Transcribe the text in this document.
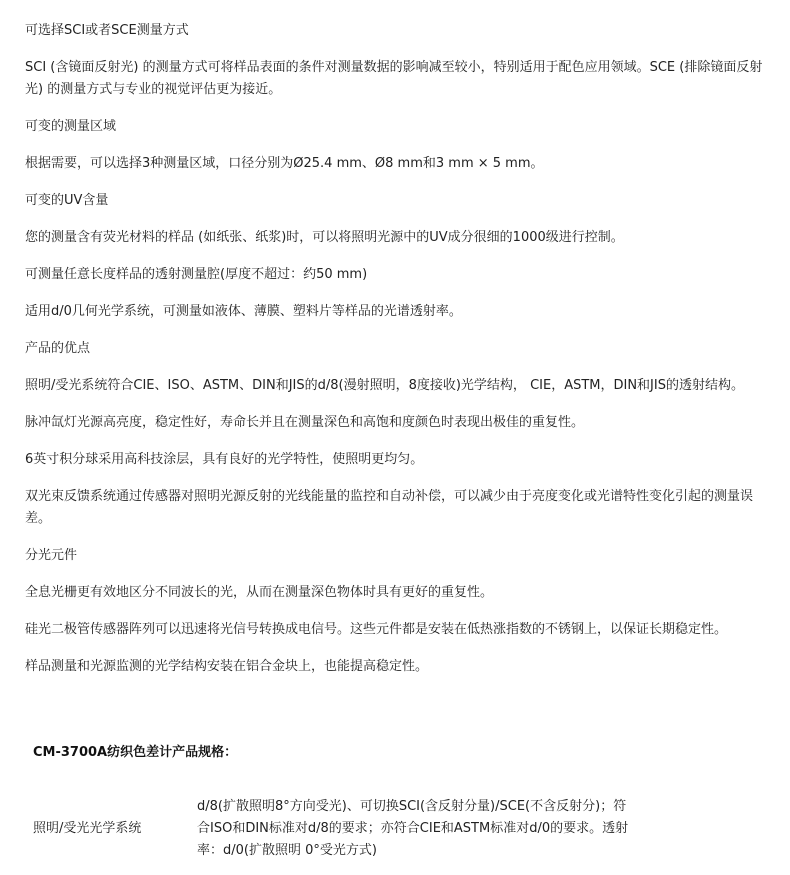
可选择SCI或者SCE测量方式

SCI (含镜面反射光) 的测量方式可将样品表面的条件对测量数据的影响减至较小，特别适用于配色应用领域。SCE (排除镜面反射光) 的测量方式与专业的视觉评估更为接近。

可变的测量区域

根据需要，可以选择3种测量区域，口径分别为Ø25.4 mm、Ø8 mm和3 mm × 5 mm。

可变的UV含量

您的测量含有荧光材料的样品 (如纸张、纸浆)时，可以将照明光源中的UV成分很细的1000级进行控制。

可测量任意长度样品的透射测量腔(厚度不超过：约50 mm)

适用d/0几何光学系统，可测量如液体、薄膜、塑料片等样品的光谱透射率。

产品的优点

照明/受光系统符合CIE、ISO、ASTM、DIN和JIS的d/8(漫射照明，8度接收)光学结构， CIE，ASTM，DIN和JIS的透射结构。

脉冲氙灯光源高亮度，稳定性好，寿命长并且在测量深色和高饱和度颜色时表现出极佳的重复性。

6英寸积分球采用高科技涂层，具有良好的光学特性，使照明更均匀。

双光束反馈系统通过传感器对照明光源反射的光线能量的监控和自动补偿，可以减少由于亮度变化或光谱特性变化引起的测量误差。

分光元件

全息光栅更有效地区分不同波长的光，从而在测量深色物体时具有更好的重复性。

硅光二极管传感器阵列可以迅速将光信号转换成电信号。这些元件都是安装在低热涨指数的不锈钢上，以保证长期稳定性。

样品测量和光源监测的光学结构安装在铝合金块上，也能提高稳定性。

CM-3700A纺织色差计产品规格：
照明/受光光学系统	d/8(扩散照明8°方向受光)、可切换SCI(含反射分量)/SCE(不含反射分)；符合ISO和DIN标准对d/8的要求；亦符合CIE和ASTM标准对d/0的要求。透射率：d/0(扩散照明 0°受光方式)
